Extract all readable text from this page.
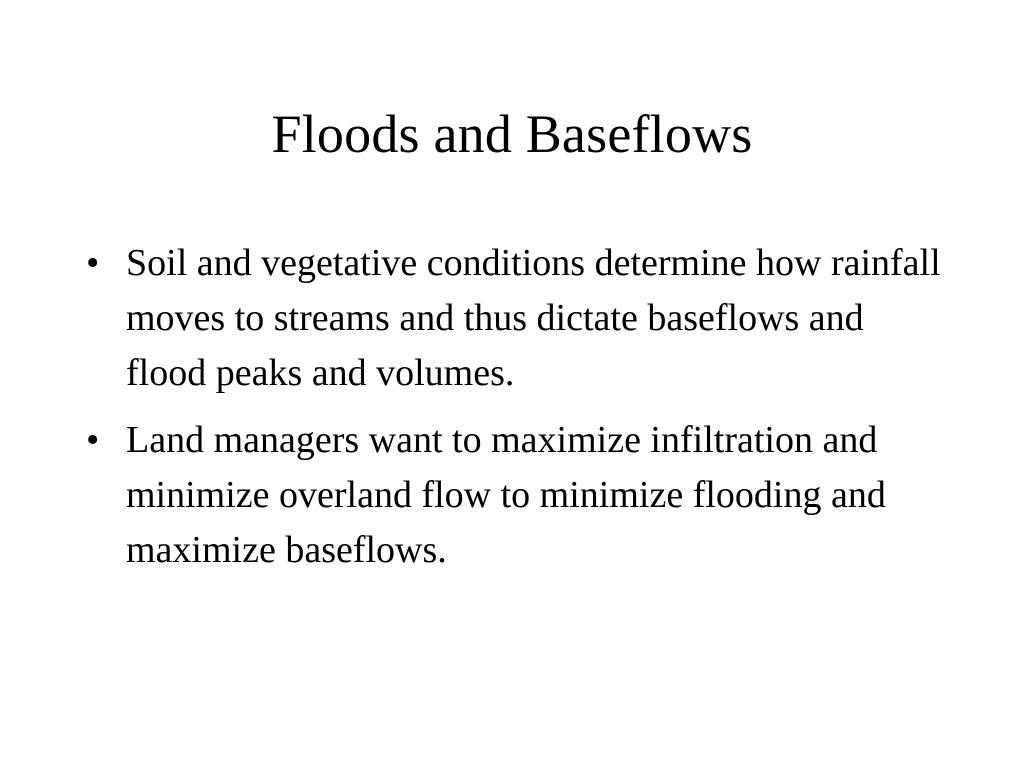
Floods and Baseflows
• Soil and vegetative conditions determine how rainfall moves to streams and thus dictate baseflows and flood peaks and volumes.
• Land managers want to maximize infiltration and minimize overland flow to minimize flooding and maximize baseflows.
